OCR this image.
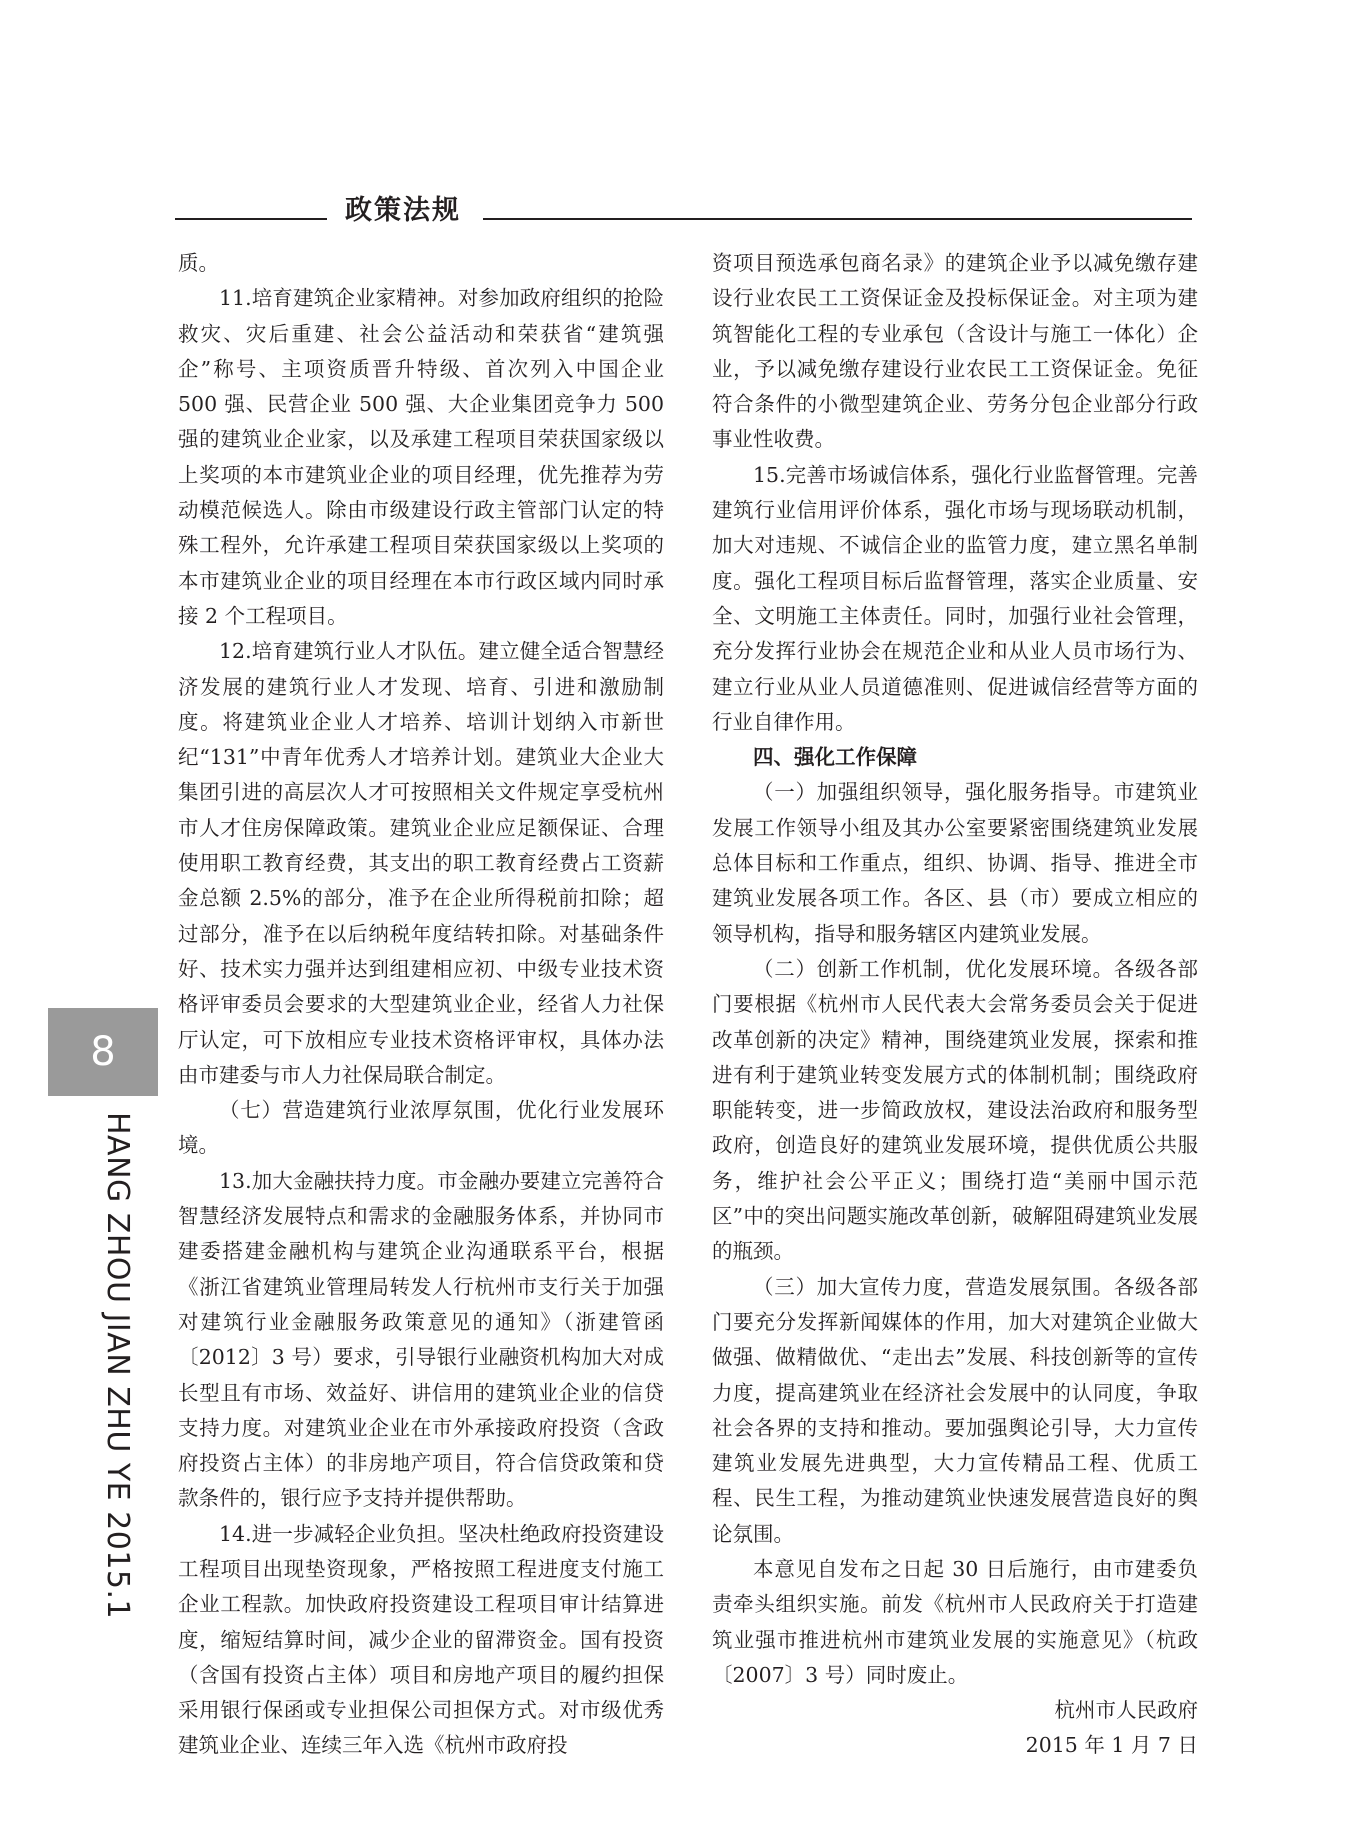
政策法规

质。

11.培育建筑企业家精神。对参加政府组织的抢险救灾、灾后重建、社会公益活动和荣获省“建筑强企”称号、主项资质晋升特级、首次列入中国企业 500 强、民营企业 500 强、大企业集团竞争力 500 强的建筑业企业家，以及承建工程项目荣获国家级以上奖项的本市建筑业企业的项目经理，优先推荐为劳动模范候选人。除由市级建设行政主管部门认定的特殊工程外，允许承建工程项目荣获国家级以上奖项的本市建筑业企业的项目经理在本市行政区域内同时承接 2 个工程项目。

12.培育建筑行业人才队伍。建立健全适合智慧经济发展的建筑行业人才发现、培育、引进和激励制度。将建筑业企业人才培养、培训计划纳入市新世纪“131”中青年优秀人才培养计划。建筑业大企业大集团引进的高层次人才可按照相关文件规定享受杭州市人才住房保障政策。建筑业企业应足额保证、合理使用职工教育经费，其支出的职工教育经费占工资薪金总额 2.5%的部分，准予在企业所得税前扣除；超过部分，准予在以后纳税年度结转扣除。对基础条件好、技术实力强并达到组建相应初、中级专业技术资格评审委员会要求的大型建筑业企业，经省人力社保厅认定，可下放相应专业技术资格评审权，具体办法由市建委与市人力社保局联合制定。

（七）营造建筑行业浓厚氛围，优化行业发展环境。

13.加大金融扶持力度。市金融办要建立完善符合智慧经济发展特点和需求的金融服务体系，并协同市建委搭建金融机构与建筑企业沟通联系平台，根据《浙江省建筑业管理局转发人行杭州市支行关于加强对建筑行业金融服务政策意见的通知》（浙建管函〔2012〕3 号）要求，引导银行业融资机构加大对成长型且有市场、效益好、讲信用的建筑业企业的信贷支持力度。对建筑业企业在市外承接政府投资（含政府投资占主体）的非房地产项目，符合信贷政策和贷款条件的，银行应予支持并提供帮助。

14.进一步减轻企业负担。坚决杜绝政府投资建设工程项目出现垫资现象，严格按照工程进度支付施工企业工程款。加快政府投资建设工程项目审计结算进度，缩短结算时间，减少企业的留滞资金。国有投资（含国有投资占主体）项目和房地产项目的履约担保采用银行保函或专业担保公司担保方式。对市级优秀建筑业企业、连续三年入选《杭州市政府投

资项目预选承包商名录》的建筑企业予以减免缴存建设行业农民工工资保证金及投标保证金。对主项为建筑智能化工程的专业承包（含设计与施工一体化）企业，予以减免缴存建设行业农民工工资保证金。免征符合条件的小微型建筑企业、劳务分包企业部分行政事业性收费。

15.完善市场诚信体系，强化行业监督管理。完善建筑行业信用评价体系，强化市场与现场联动机制，加大对违规、不诚信企业的监管力度，建立黑名单制度。强化工程项目标后监督管理，落实企业质量、安全、文明施工主体责任。同时，加强行业社会管理，充分发挥行业协会在规范企业和从业人员市场行为、建立行业从业人员道德准则、促进诚信经营等方面的行业自律作用。

四、强化工作保障

（一）加强组织领导，强化服务指导。市建筑业发展工作领导小组及其办公室要紧密围绕建筑业发展总体目标和工作重点，组织、协调、指导、推进全市建筑业发展各项工作。各区、县（市）要成立相应的领导机构，指导和服务辖区内建筑业发展。

（二）创新工作机制，优化发展环境。各级各部门要根据《杭州市人民代表大会常务委员会关于促进改革创新的决定》精神，围绕建筑业发展，探索和推进有利于建筑业转变发展方式的体制机制；围绕政府职能转变，进一步简政放权，建设法治政府和服务型政府，创造良好的建筑业发展环境，提供优质公共服务，维护社会公平正义；围绕打造“美丽中国示范区”中的突出问题实施改革创新，破解阻碍建筑业发展的瓶颈。

（三）加大宣传力度，营造发展氛围。各级各部门要充分发挥新闻媒体的作用，加大对建筑企业做大做强、做精做优、“走出去”发展、科技创新等的宣传力度，提高建筑业在经济社会发展中的认同度，争取社会各界的支持和推动。要加强舆论引导，大力宣传建筑业发展先进典型，大力宣传精品工程、优质工程、民生工程，为推动建筑业快速发展营造良好的舆论氛围。

本意见自发布之日起 30 日后施行，由市建委负责牵头组织实施。前发《杭州市人民政府关于打造建筑业强市推进杭州市建筑业发展的实施意见》（杭政〔2007〕3 号）同时废止。

杭州市人民政府

2015 年 1 月 7 日

8
HANG ZHOU JIAN ZHU YE 2015.1
